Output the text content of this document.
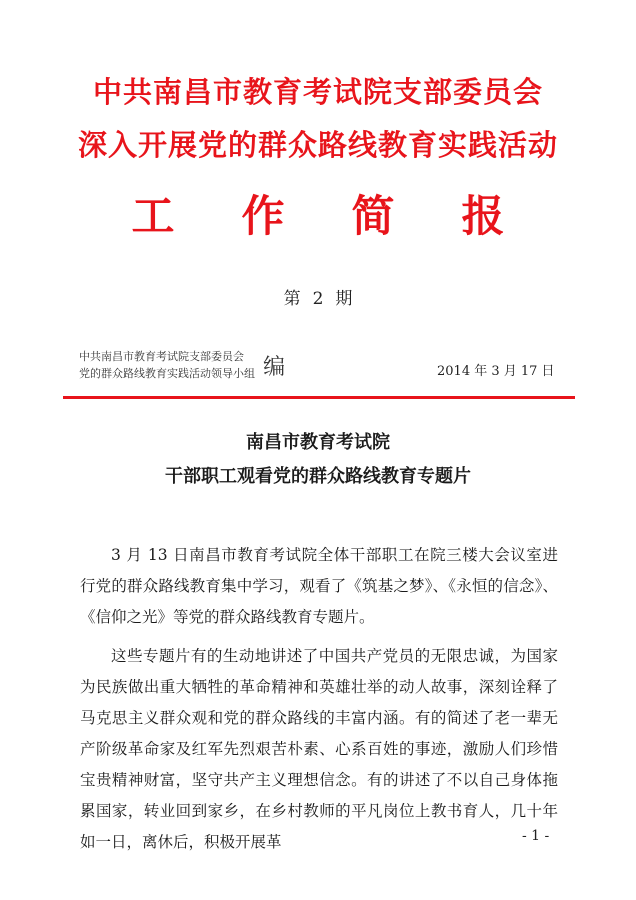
中共南昌市教育考试院支部委员会
深入开展党的群众路线教育实践活动
工 作 简 报
第 2 期
中共南昌市教育考试院支部委员会
党的群众路线教育实践活动领导小组 编	2014 年 3 月 17 日
南昌市教育考试院
干部职工观看党的群众路线教育专题片

3 月 13 日南昌市教育考试院全体干部职工在院三楼大会议室进行党的群众路线教育集中学习，观看了《筑基之梦》、《永恒的信念》、《信仰之光》等党的群众路线教育专题片。

这些专题片有的生动地讲述了中国共产党员的无限忠诚，为国家为民族做出重大牺牲的革命精神和英雄壮举的动人故事，深刻诠释了马克思主义群众观和党的群众路线的丰富内涵。有的简述了老一辈无产阶级革命家及红军先烈艰苦朴素、心系百姓的事迹，激励人们珍惜宝贵精神财富，坚守共产主义理想信念。有的讲述了不以自己身体拖累国家，转业回到家乡，在乡村教师的平凡岗位上教书育人，几十年如一日，离休后，积极开展革	- 1 -
